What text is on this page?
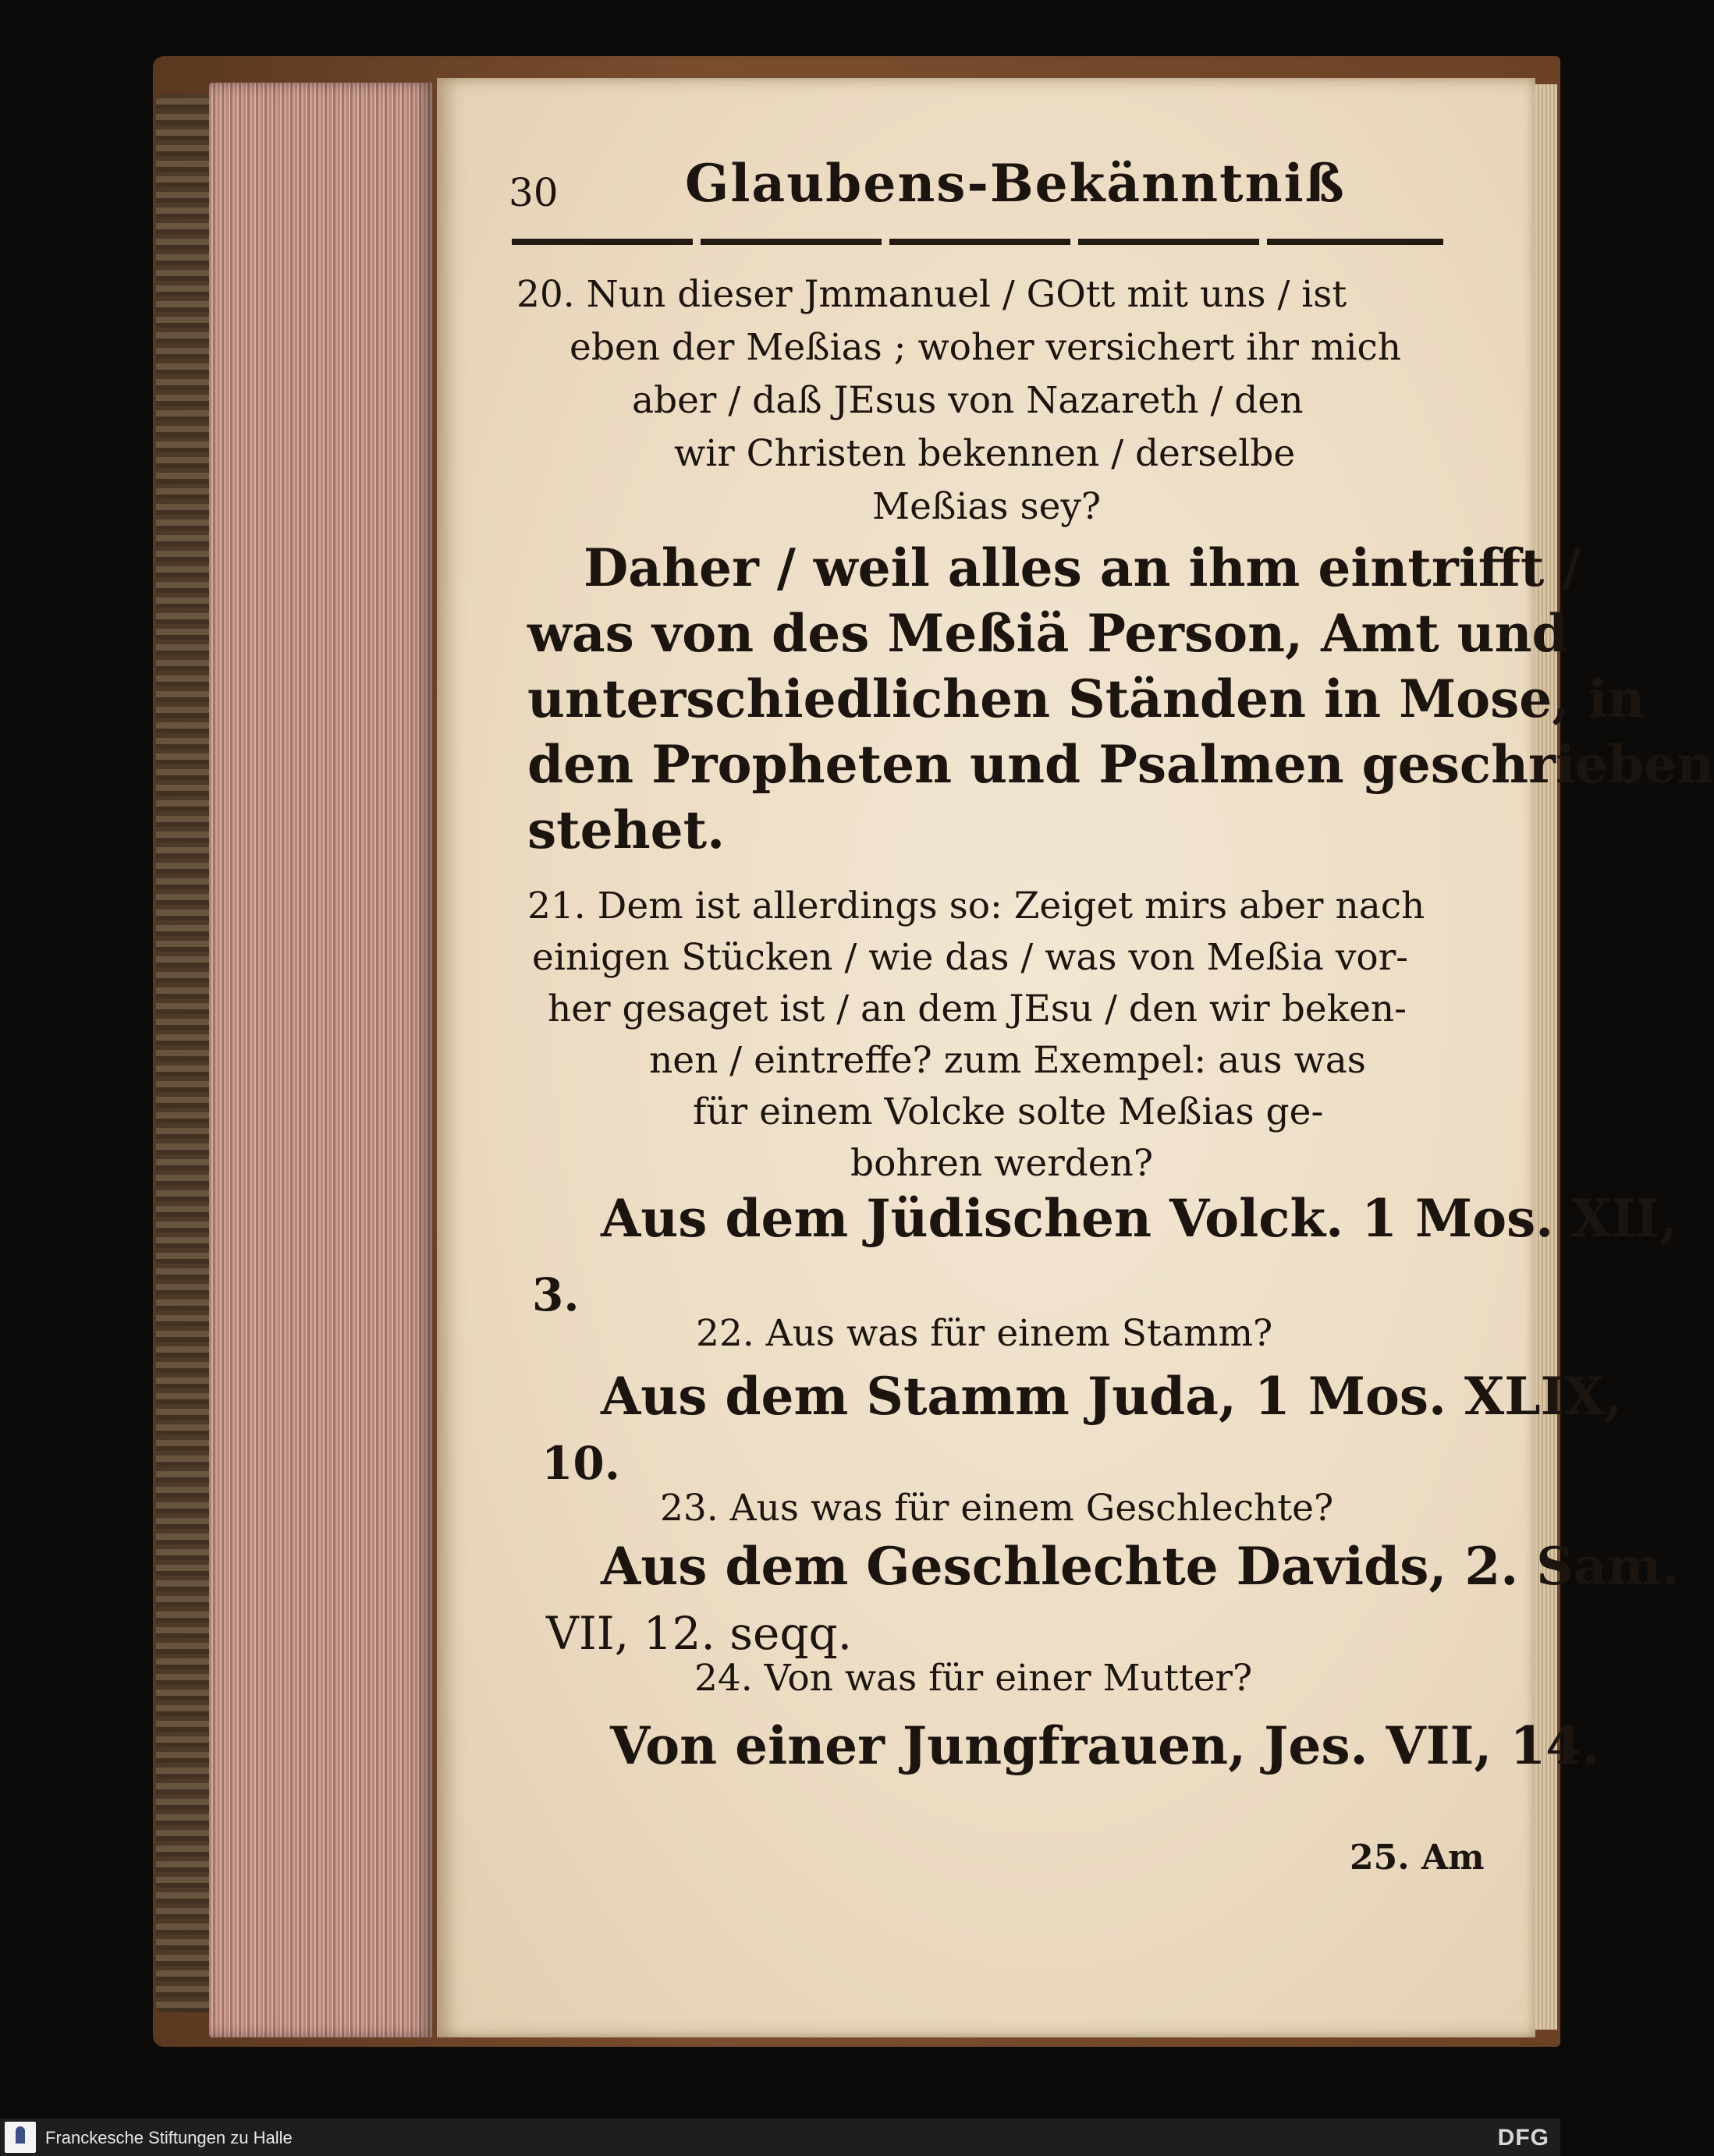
30 Glaubens-Bekänntniß
20. Nun dieser Jmmanuel / GOtt mit uns / ist
eben der Meßias ; woher versichert ihr mich
aber / daß JEsus von Nazareth / den
wir Christen bekennen / derselbe
Meßias sey?
Daher / weil alles an ihm eintrifft /
was von des Meßiä Person, Amt und
unterschiedlichen Ständen in Mose, in
den Propheten und Psalmen geschrieben
stehet.
21. Dem ist allerdings so: Zeiget mirs aber nach
einigen Stücken / wie das / was von Meßia vor-
her gesaget ist / an dem JEsu / den wir beken-
nen / eintreffe? zum Exempel: aus was
für einem Volcke solte Meßias ge-
bohren werden?
Aus dem Jüdischen Volck. 1 Mos. XII,
3.
22. Aus was für einem Stamm?
Aus dem Stamm Juda, 1 Mos. XLIX,
10.
23. Aus was für einem Geschlechte?
Aus dem Geschlechte Davids, 2. Sam.
VII, 12. seqq.
24. Von was für einer Mutter?
Von einer Jungfrauen, Jes. VII, 14.
25. Am
Franckesche Stiftungen zu Halle	DFG
